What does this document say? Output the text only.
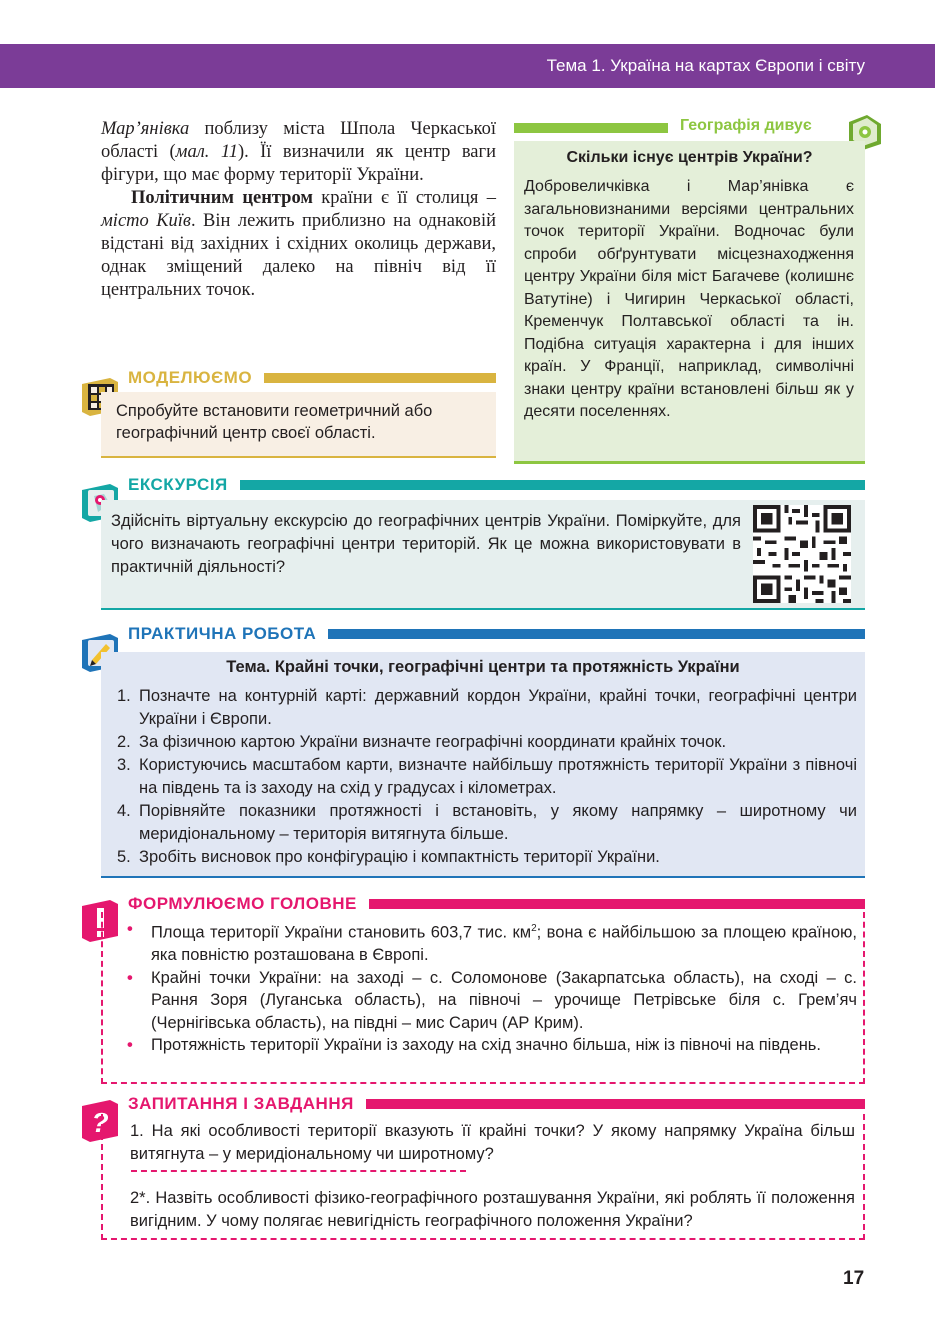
Тема 1. Україна на картах Європи і світу

Мар’янівка поблизу міста Шпола Черкаської області (мал. 11). Її визначили як центр ваги фігури, що має форму території України.

Політичним центром країни є її столиця – місто Київ. Він лежить приблизно на однаковій відстані від західних і східних околиць держави, однак зміщений далеко на північ від її центральних точок.

Географія дивує
Скільки існує центрів України?
Добровеличківка і Мар’янівка є загальновизнаними версіями центральних точок території України. Водночас були спроби обґрунтувати місцезнаходження центру України біля міст Багачеве (колишнє Ватутіне) і Чигирин Черкаської області, Кременчук Полтавської області та ін. Подібна ситуація характерна і для інших країн. У Франції, наприклад, символічні знаки центру країни встановлені більш як у десяти поселеннях.
МОДЕЛЮЄМО
Спробуйте встановити геометричний або географічний центр своєї області.
ЕКСКУРСІЯ
Здійсніть віртуальну екскурсію до географічних центрів України. Поміркуйте, для чого визначають географічні центри територій. Як це можна використовувати в практичній діяльності?
ПРАКТИЧНА РОБОТА
Тема. Крайні точки, географічні центри та протяжність України
1. Позначте на контурній карті: державний кордон України, крайні точки, географічні центри України і Європи.
2. За фізичною картою України визначте географічні координати крайніх точок.
3. Користуючись масштабом карти, визначте найбільшу протяжність території України з півночі на південь та із заходу на схід у градусах і кілометрах.
4. Порівняйте показники протяжності і встановіть, у якому напрямку – широтному чи меридіональному – територія витягнута більше.
5. Зробіть висновок про конфігурацію і компактність території України.
ФОРМУЛЮЄМО ГОЛОВНЕ
• Площа території України становить 603,7 тис. $км^2$; вона є найбільшою за площею країною, яка повністю розташована в Європі.
• Крайні точки України: на заході – с. Соломонове (Закарпатська область), на сході – с. Рання Зоря (Луганська область), на півночі – урочище Петрівське біля с. Грем’яч (Чернігівська область), на півдні – мис Сарич (АР Крим).
• Протяжність території України із заходу на схід значно більша, ніж із півночі на південь.
?
ЗАПИТАННЯ І ЗАВДАННЯ
1. На які особливості території вказують її крайні точки? У якому напрямку Україна більш витягнута – у меридіональному чи широтному?
2*. Назвіть особливості фізико-географічного розташування України, які роблять її положення вигідним. У чому полягає невигідність географічного положення України?
17
